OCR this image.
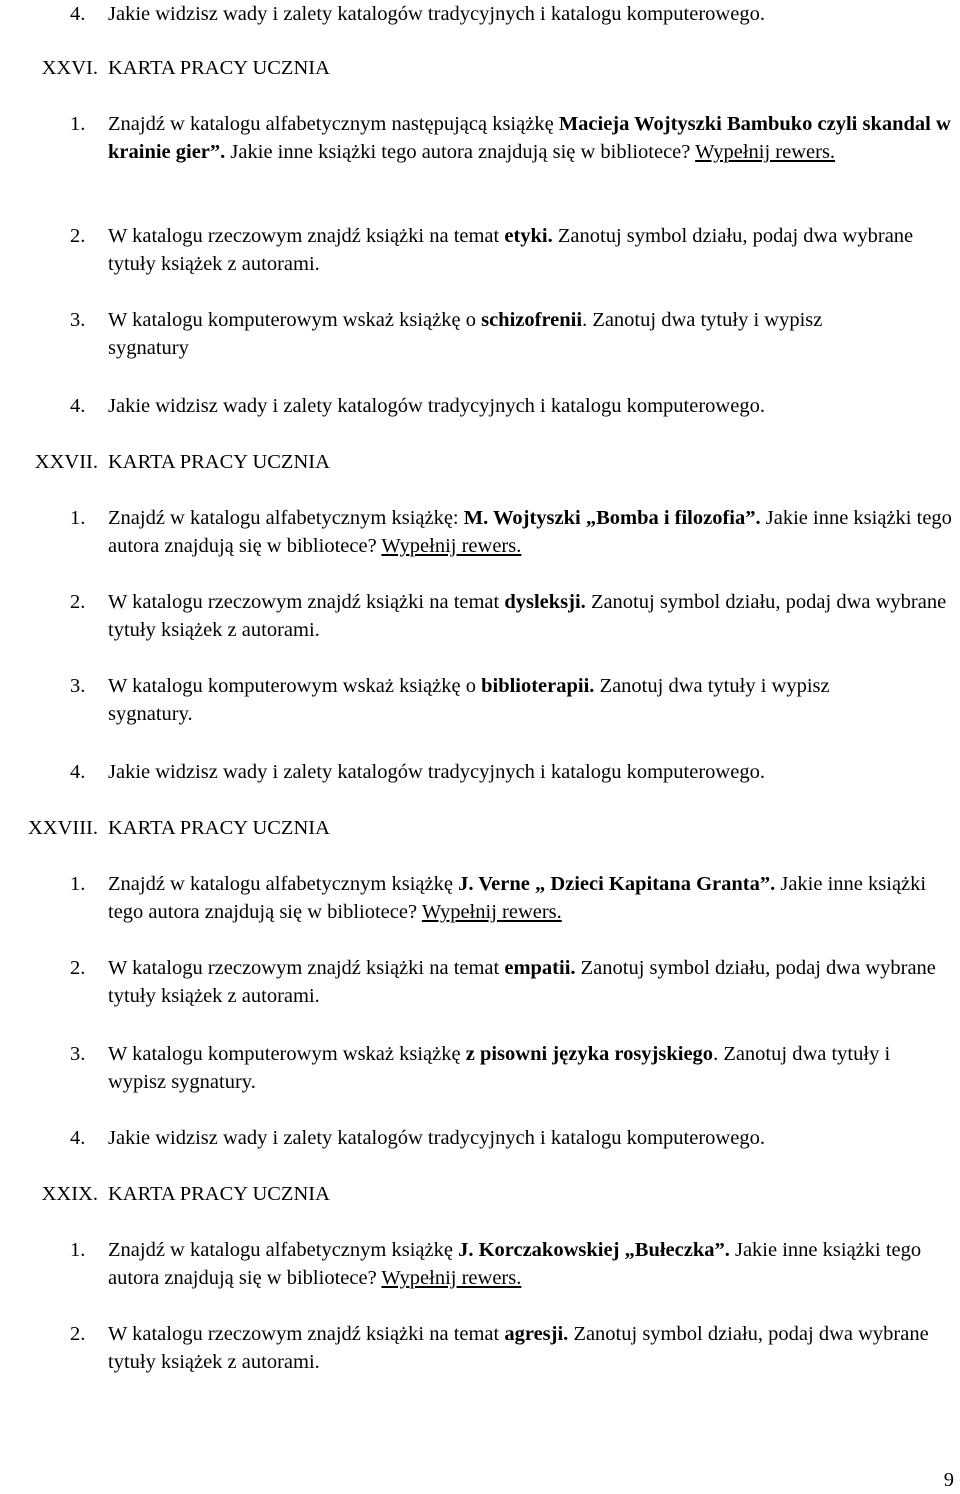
4.	Jakie widzisz wady i zalety katalogów tradycyjnych i katalogu komputerowego.
XXVI. KARTA PRACY UCZNIA
1.	Znajdź w katalogu alfabetycznym następującą książkę Macieja Wojtyszki Bambuko czyli skandal w krainie gier”. Jakie inne książki tego autora znajdują się w bibliotece? Wypełnij rewers.
2.	W katalogu rzeczowym znajdź książki na temat etyki. Zanotuj symbol działu, podaj dwa wybrane tytuły książek z autorami.
3.	W katalogu komputerowym wskaż książkę o schizofrenii. Zanotuj dwa tytuły i wypisz sygnatury
4.	Jakie widzisz wady i zalety katalogów tradycyjnych i katalogu komputerowego.
XXVII. KARTA PRACY UCZNIA
1.	Znajdź w katalogu alfabetycznym książkę: M. Wojtyszki „Bomba i filozofia”. Jakie inne książki tego autora znajdują się w bibliotece? Wypełnij rewers.
2.	W katalogu rzeczowym znajdź książki na temat dysleksji. Zanotuj symbol działu, podaj dwa wybrane tytuły książek z autorami.
3.	W katalogu komputerowym wskaż książkę o biblioterapii. Zanotuj dwa tytuły i wypisz sygnatury.
4.	Jakie widzisz wady i zalety katalogów tradycyjnych i katalogu komputerowego.
XXVIII. KARTA PRACY UCZNIA
1.	Znajdź w katalogu alfabetycznym książkę J. Verne „ Dzieci Kapitana Granta”. Jakie inne książki tego autora znajdują się w bibliotece? Wypełnij rewers.
2.	W katalogu rzeczowym znajdź książki na temat empatii. Zanotuj symbol działu, podaj dwa wybrane tytuły książek z autorami.
3.	W katalogu komputerowym wskaż książkę z pisowni języka rosyjskiego. Zanotuj dwa tytuły i wypisz sygnatury.
4.	Jakie widzisz wady i zalety katalogów tradycyjnych i katalogu komputerowego.
XXIX. KARTA PRACY UCZNIA
1.	Znajdź w katalogu alfabetycznym książkę J. Korczakowskiej „Bułeczka”. Jakie inne książki tego autora znajdują się w bibliotece? Wypełnij rewers.
2.	W katalogu rzeczowym znajdź książki na temat agresji. Zanotuj symbol działu, podaj dwa wybrane tytuły książek z autorami.
9
